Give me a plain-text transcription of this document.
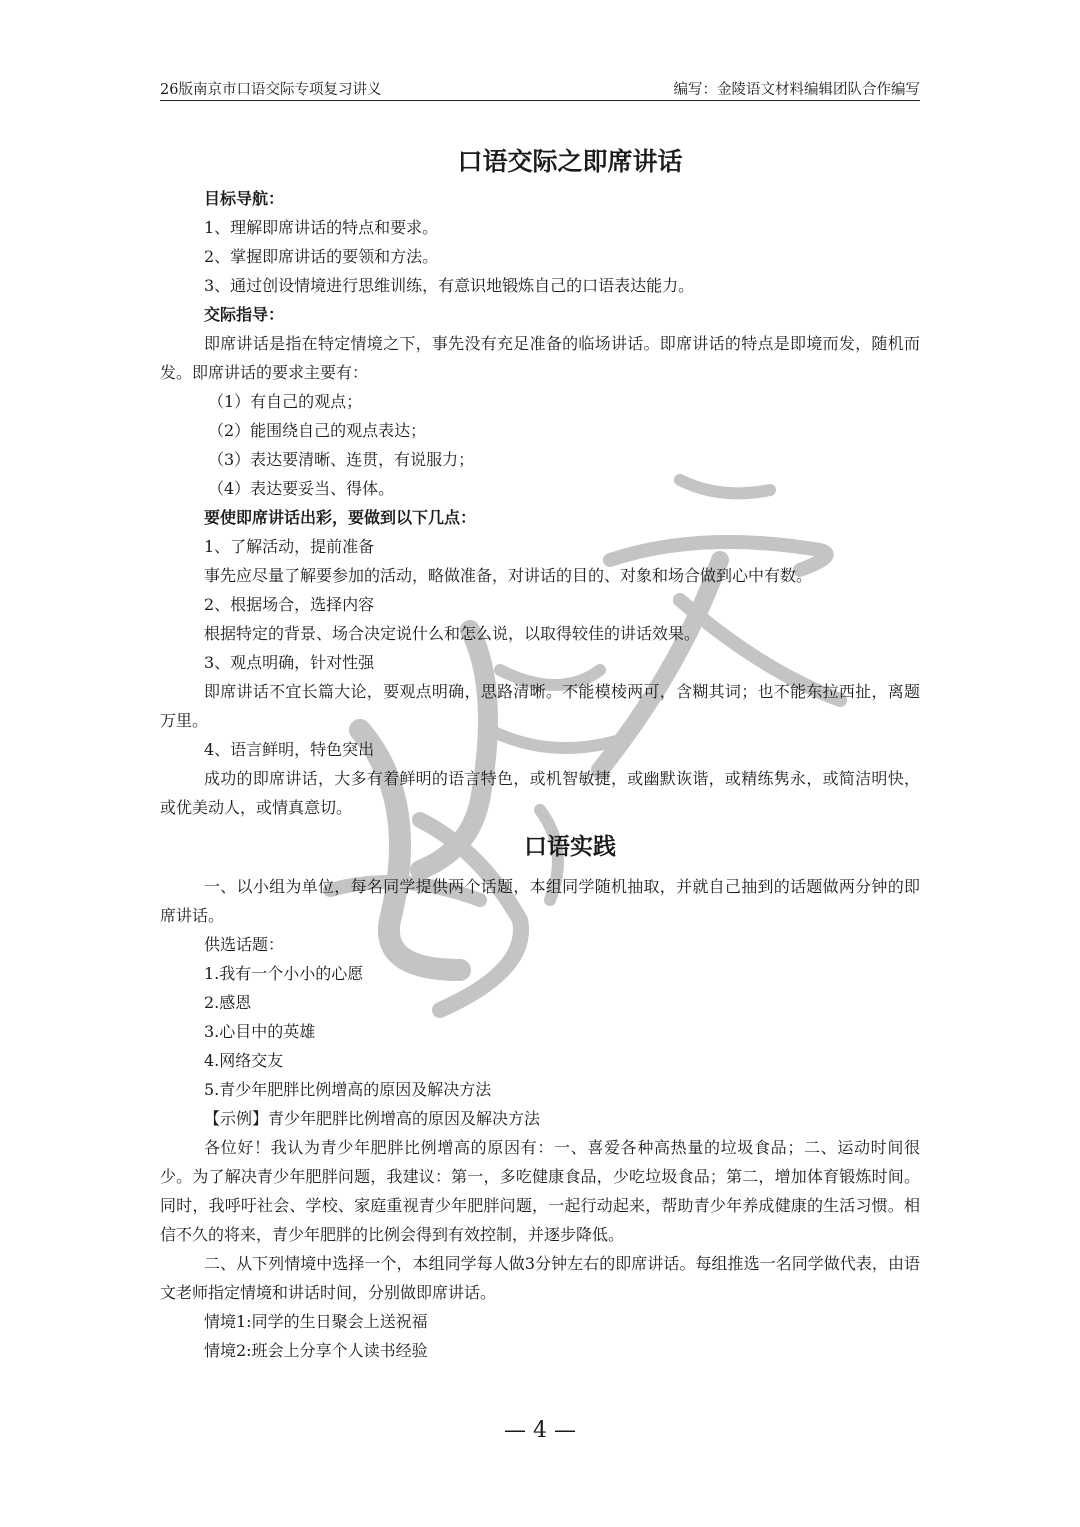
26版南京市口语交际专项复习讲义	编写：金陵语文材料编辑团队合作编写
口语交际之即席讲话
目标导航：
1、理解即席讲话的特点和要求。
2、掌握即席讲话的要领和方法。
3、通过创设情境进行思维训练，有意识地锻炼自己的口语表达能力。
交际指导：
即席讲话是指在特定情境之下，事先没有充足准备的临场讲话。即席讲话的特点是即境而发，随机而发。即席讲话的要求主要有：
（1）有自己的观点；
（2）能围绕自己的观点表达；
（3）表达要清晰、连贯，有说服力；
（4）表达要妥当、得体。
要使即席讲话出彩，要做到以下几点：
1、了解活动，提前准备
事先应尽量了解要参加的活动，略做准备，对讲话的目的、对象和场合做到心中有数。
2、根据场合，选择内容
根据特定的背景、场合决定说什么和怎么说，以取得较佳的讲话效果。
3、观点明确，针对性强
即席讲话不宜长篇大论，要观点明确，思路清晰。不能模棱两可，含糊其词；也不能东拉西扯，离题万里。
4、语言鲜明，特色突出
成功的即席讲话，大多有着鲜明的语言特色，或机智敏捷，或幽默诙谐，或精练隽永，或简洁明快，或优美动人，或情真意切。
口语实践
一、以小组为单位，每名同学提供两个话题，本组同学随机抽取，并就自己抽到的话题做两分钟的即席讲话。
供选话题：
1.我有一个小小的心愿
2.感恩
3.心目中的英雄
4.网络交友
5.青少年肥胖比例增高的原因及解决方法
【示例】青少年肥胖比例增高的原因及解决方法
各位好！我认为青少年肥胖比例增高的原因有：一、喜爱各种高热量的垃圾食品；二、运动时间很少。为了解决青少年肥胖问题，我建议：第一，多吃健康食品，少吃垃圾食品；第二，增加体育锻炼时间。同时，我呼吁社会、学校、家庭重视青少年肥胖问题，一起行动起来，帮助青少年养成健康的生活习惯。相信不久的将来，青少年肥胖的比例会得到有效控制，并逐步降低。
二、从下列情境中选择一个，本组同学每人做3分钟左右的即席讲话。每组推选一名同学做代表，由语文老师指定情境和讲话时间，分别做即席讲话。
情境1:同学的生日聚会上送祝福
情境2:班会上分享个人读书经验
— 4 —
